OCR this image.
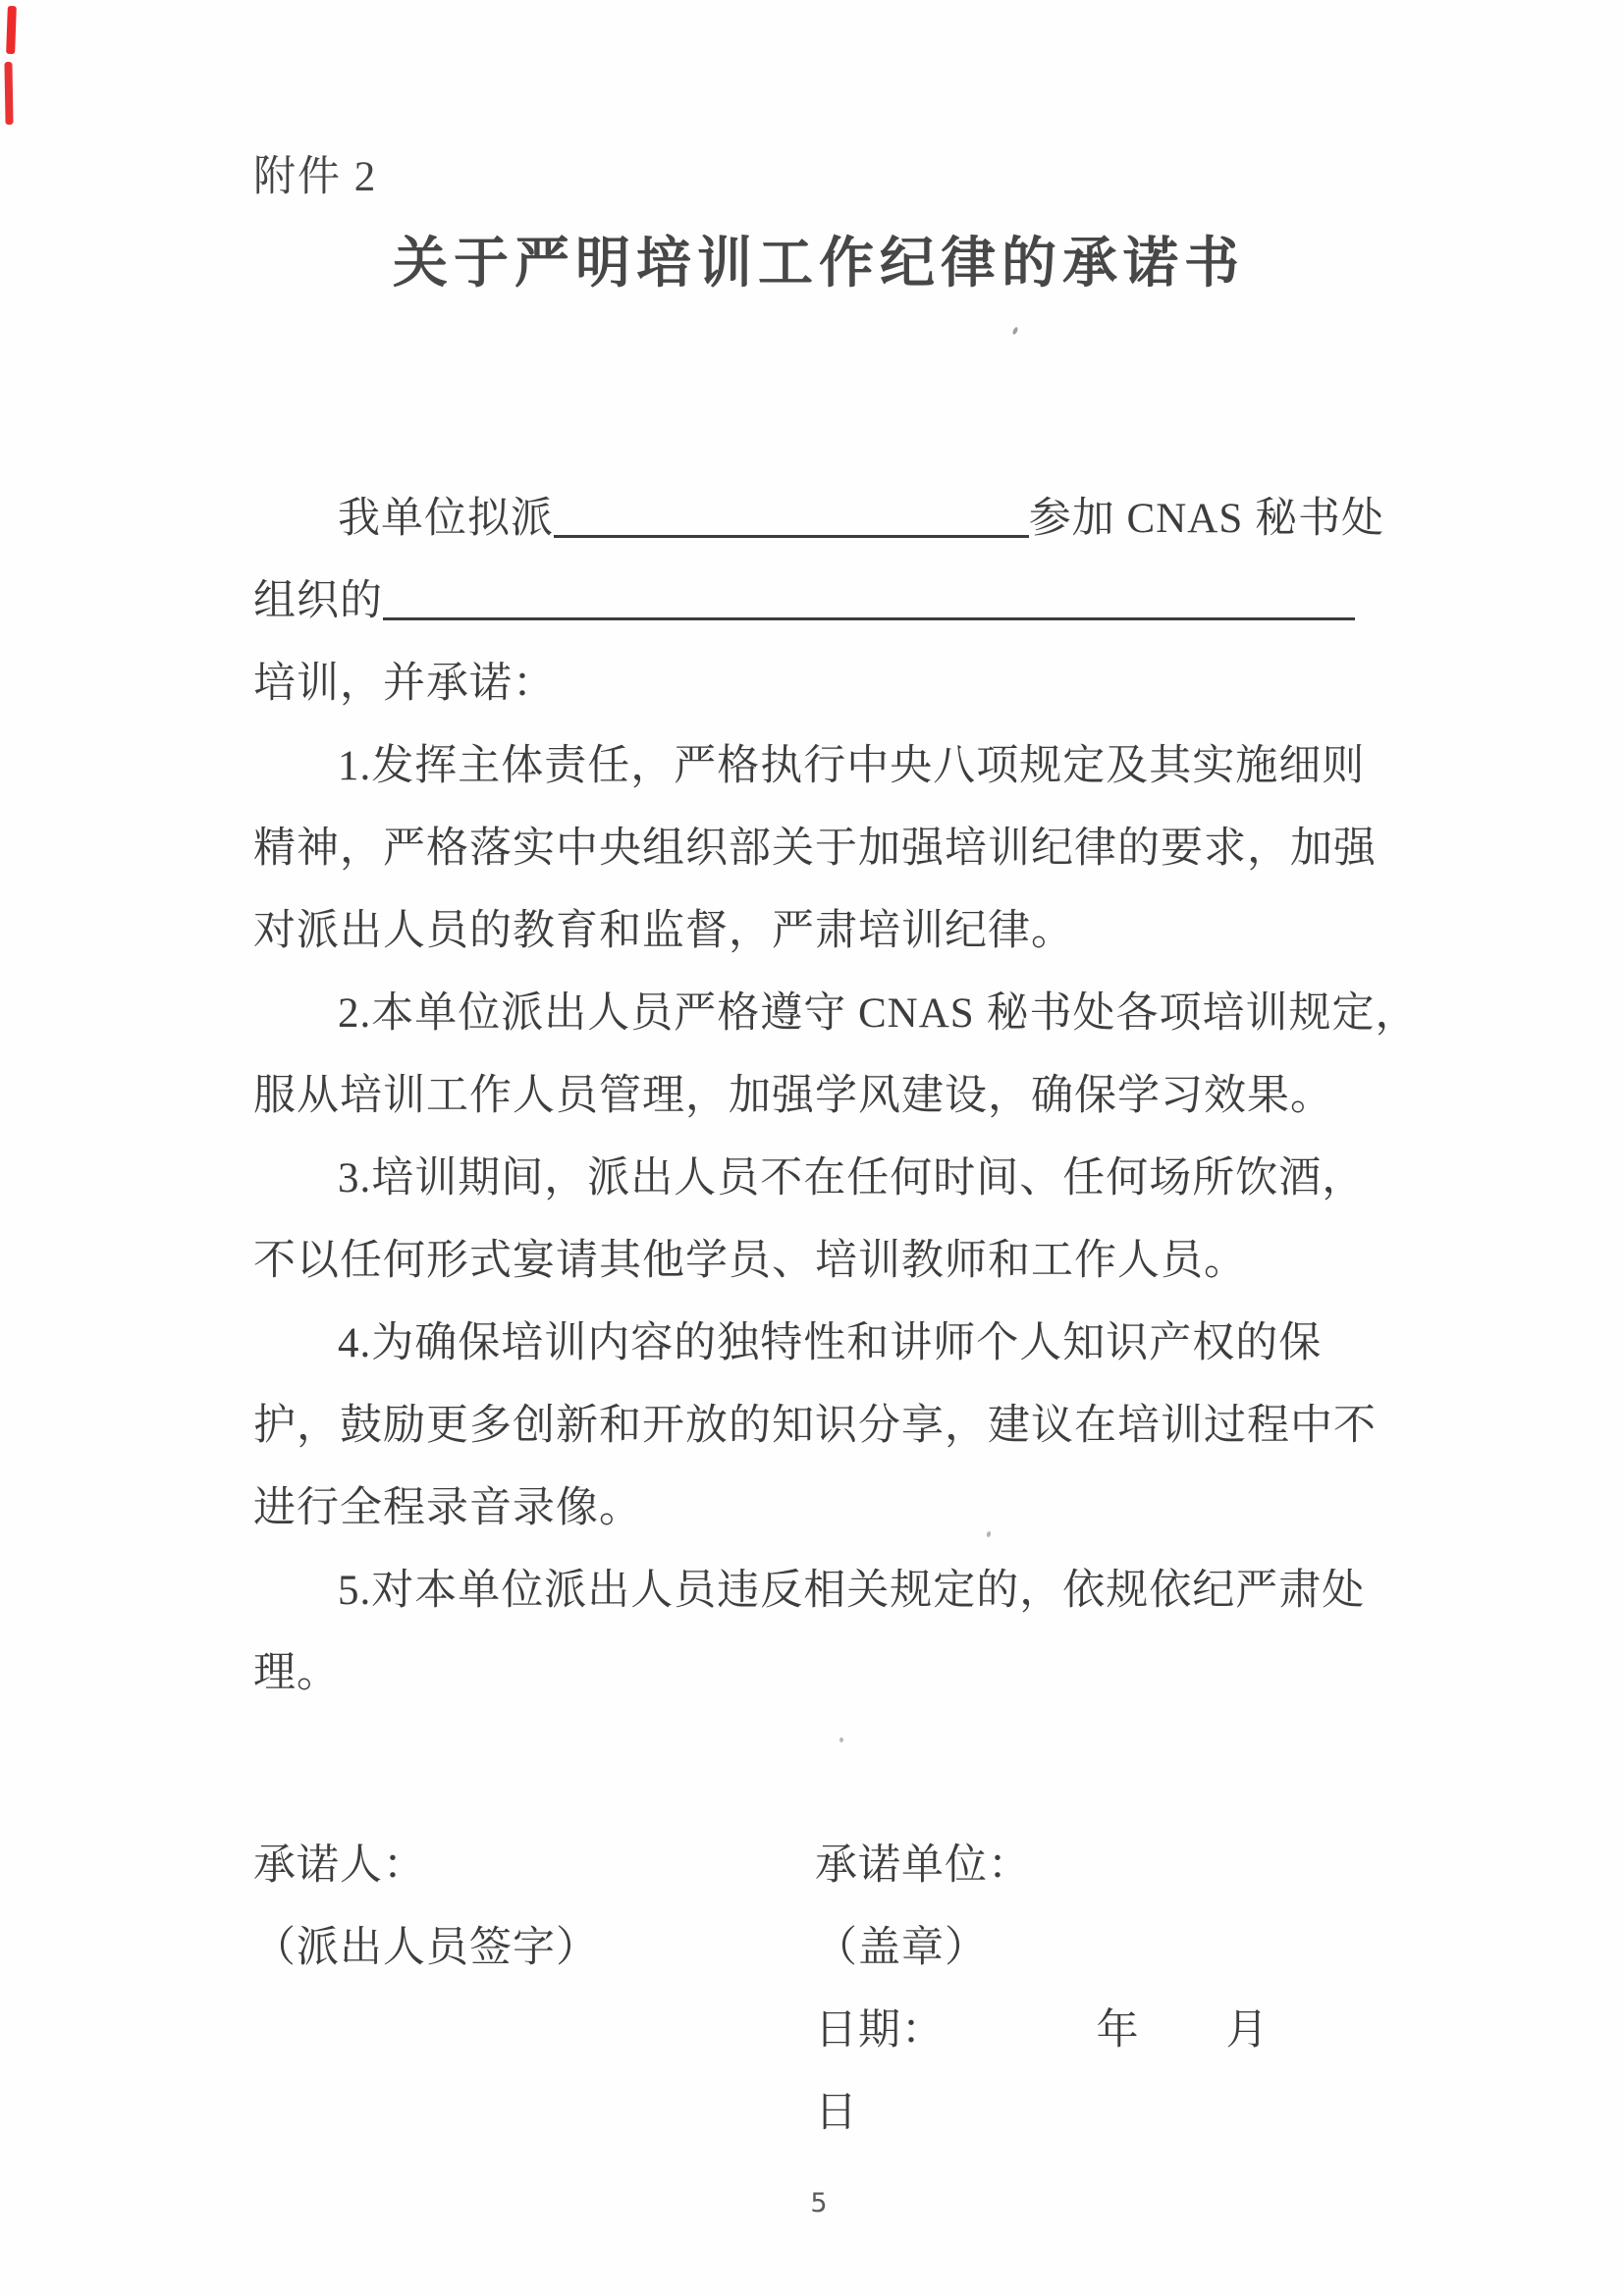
附件 2
关于严明培训工作纪律的承诺书
我单位拟派	参加 CNAS 秘书处
组织的
培训，并承诺：
1.发挥主体责任，严格执行中央八项规定及其实施细则
精神，严格落实中央组织部关于加强培训纪律的要求，加强
对派出人员的教育和监督，严肃培训纪律。
2.本单位派出人员严格遵守 CNAS 秘书处各项培训规定，
服从培训工作人员管理，加强学风建设，确保学习效果。
3.培训期间，派出人员不在任何时间、任何场所饮酒，
不以任何形式宴请其他学员、培训教师和工作人员。
4.为确保培训内容的独特性和讲师个人知识产权的保
护，鼓励更多创新和开放的知识分享，建议在培训过程中不
进行全程录音录像。
5.对本单位派出人员违反相关规定的，依规依纪严肃处
理。
承诺人：	承诺单位：
（派出人员签字）	（盖章）
日期：　　　　年　　月　　日
5
